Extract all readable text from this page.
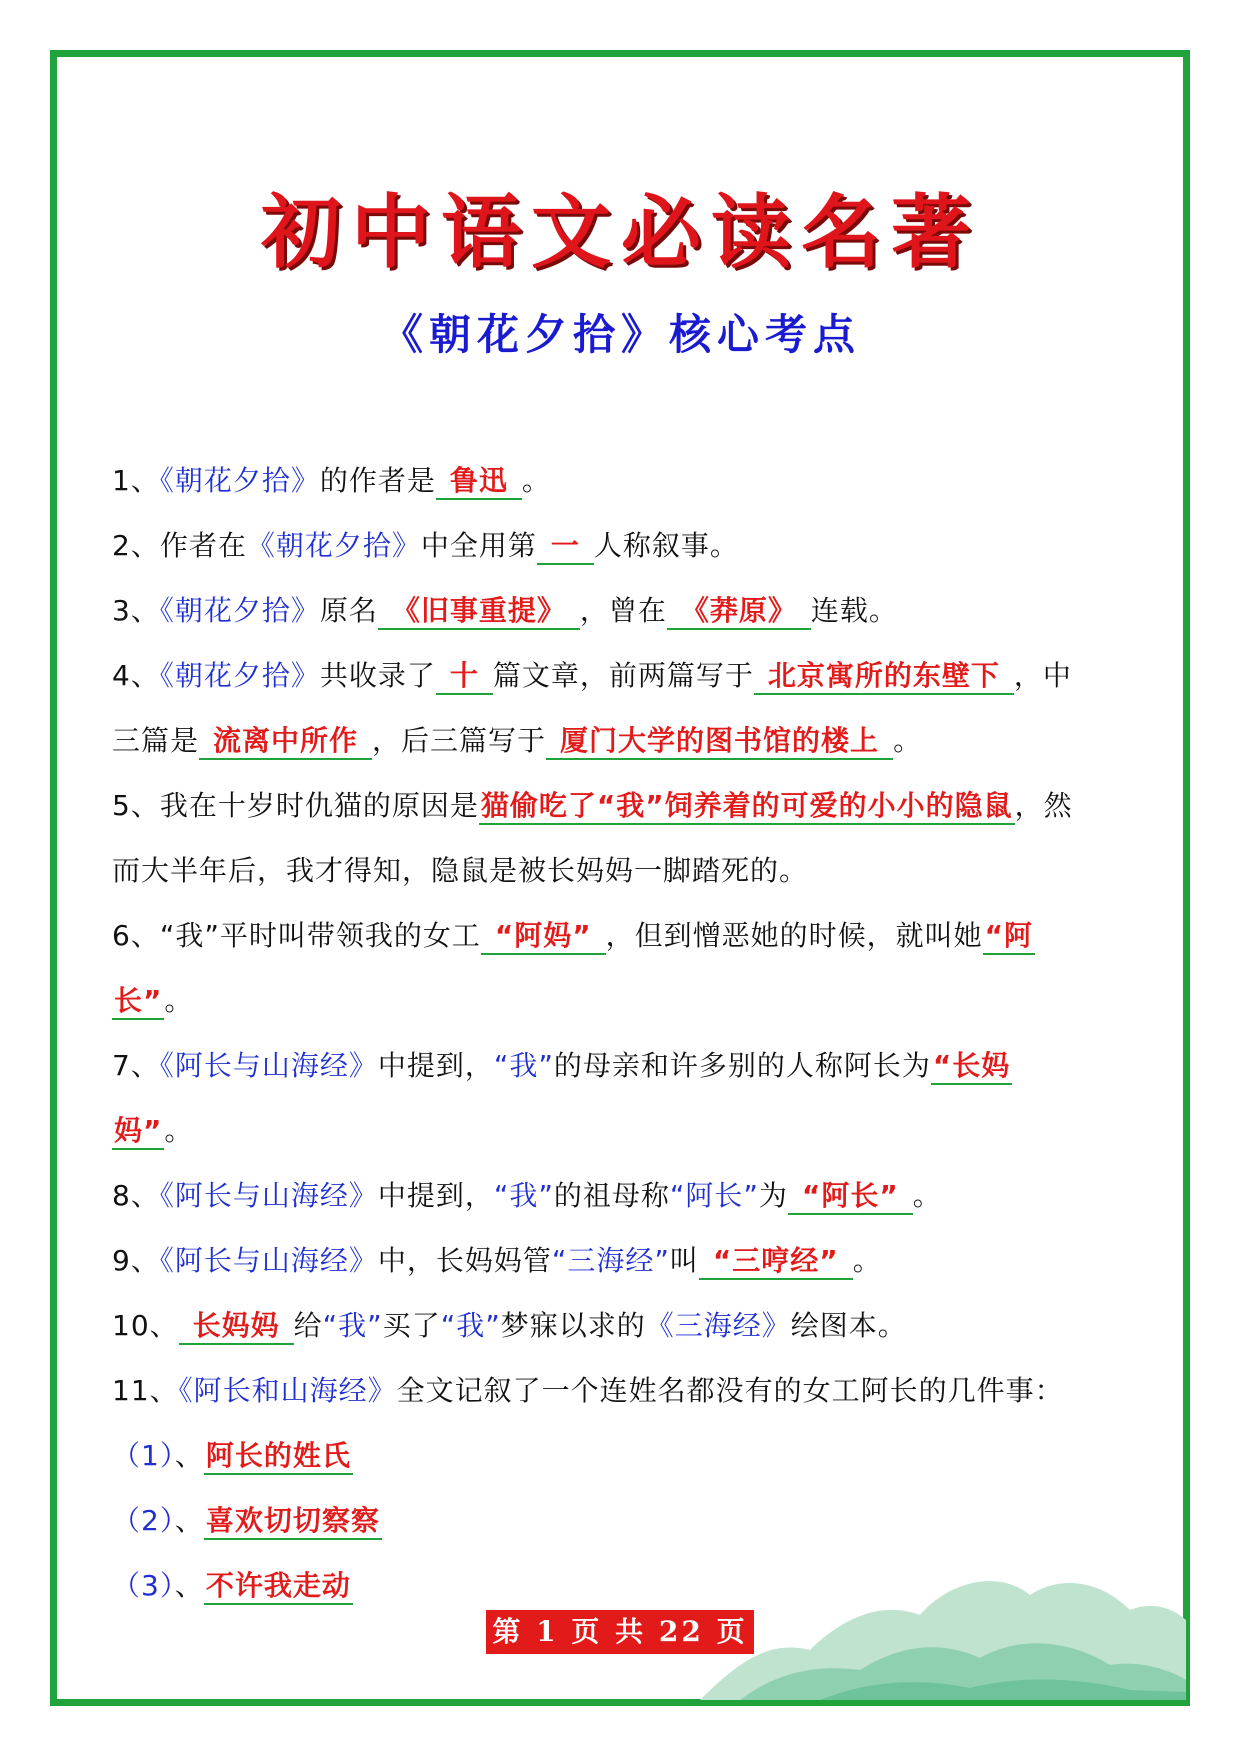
初中语文必读名著
《朝花夕拾》核心考点
1、《朝花夕拾》的作者是 鲁迅 。
2、作者在《朝花夕拾》中全用第 一 人称叙事。
3、《朝花夕拾》原名 《旧事重提》 ，曾在 《莽原》 连载。
4、《朝花夕拾》共收录了 十 篇文章，前两篇写于 北京寓所的东壁下 ，中
三篇是 流离中所作 ，后三篇写于 厦门大学的图书馆的楼上 。
5、我在十岁时仇猫的原因是猫偷吃了“我”饲养着的可爱的小小的隐鼠，然
而大半年后，我才得知，隐鼠是被长妈妈一脚踏死的。
6、“我”平时叫带领我的女工 “阿妈” ，但到憎恶她的时候，就叫她“阿
长”。
7、《阿长与山海经》中提到，“我”的母亲和许多别的人称阿长为“长妈
妈”。
8、《阿长与山海经》中提到，“我”的祖母称“阿长”为 “阿长” 。
9、《阿长与山海经》中，长妈妈管“三海经”叫 “三哼经” 。
10、 长妈妈 给“我”买了“我”梦寐以求的《三海经》绘图本。
11、《阿长和山海经》全文记叙了一个连姓名都没有的女工阿长的几件事：
（1）、阿长的姓氏
（2）、喜欢切切察察
（3）、不许我走动
第 1 页 共 22 页
